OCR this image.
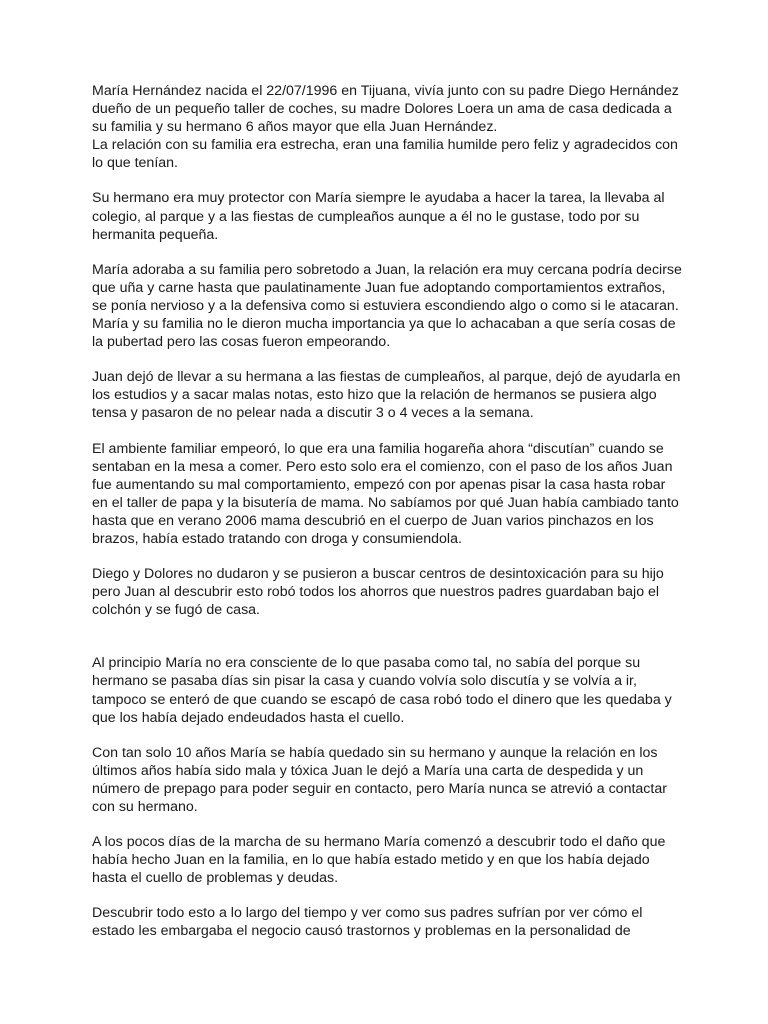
María Hernández nacida el 22/07/1996 en Tijuana, vivía junto con su padre Diego Hernández dueño de un pequeño taller de coches, su madre Dolores Loera un ama de casa dedicada a su familia y su hermano 6 años mayor que ella Juan Hernández.

La relación con su familia era estrecha, eran una familia humilde pero feliz y agradecidos con lo que tenían.

Su hermano era muy protector con María siempre le ayudaba a hacer la tarea, la llevaba al colegio, al parque y a las fiestas de cumpleaños aunque a él no le gustase, todo por su hermanita pequeña.

María adoraba a su familia pero sobretodo a Juan, la relación era muy cercana podría decirse que uña y carne hasta que paulatinamente Juan fue adoptando comportamientos extraños, se ponía nervioso y a la defensiva como si estuviera escondiendo algo o como si le atacaran. María y su familia no le dieron mucha importancia ya que lo achacaban a que sería cosas de la pubertad pero las cosas fueron empeorando.

Juan dejó de llevar a su hermana a las fiestas de cumpleaños, al parque, dejó de ayudarla en los estudios y a sacar malas notas, esto hizo que la relación de hermanos se pusiera algo tensa y pasaron de no pelear nada a discutir 3 o 4 veces a la semana.

El ambiente familiar empeoró, lo que era una familia hogareña ahora “discutían” cuando se sentaban en la mesa a comer. Pero esto solo era el comienzo, con el paso de los años Juan fue aumentando su mal comportamiento, empezó con por apenas pisar la casa hasta robar en el taller de papa y la bisutería de mama. No sabíamos por qué Juan había cambiado tanto hasta que en verano 2006 mama descubrió en el cuerpo de Juan varios pinchazos en los brazos, había estado tratando con droga y consumiendola.

Diego y Dolores no dudaron y se pusieron a buscar centros de desintoxicación para su hijo pero Juan al descubrir esto robó todos los ahorros que nuestros padres guardaban bajo el colchón y se fugó de casa.

Al principio María no era consciente de lo que pasaba como tal, no sabía del porque su hermano se pasaba días sin pisar la casa y cuando volvía solo discutía y se volvía a ir, tampoco se enteró de que cuando se escapó de casa robó todo el dinero que les quedaba y que los había dejado endeudados hasta el cuello.

Con tan solo 10 años María se había quedado sin su hermano y aunque la relación en los últimos años había sido mala y tóxica Juan le dejó a María una carta de despedida y un número de prepago para poder seguir en contacto, pero María nunca se atrevió a contactar con su hermano.

A los pocos días de la marcha de su hermano María comenzó a descubrir todo el daño que había hecho Juan en la familia, en lo que había estado metido y en que los había dejado hasta el cuello de problemas y deudas.

Descubrir todo esto a lo largo del tiempo y ver como sus padres sufrían por ver cómo el estado les embargaba el negocio causó trastornos y problemas en la personalidad de
